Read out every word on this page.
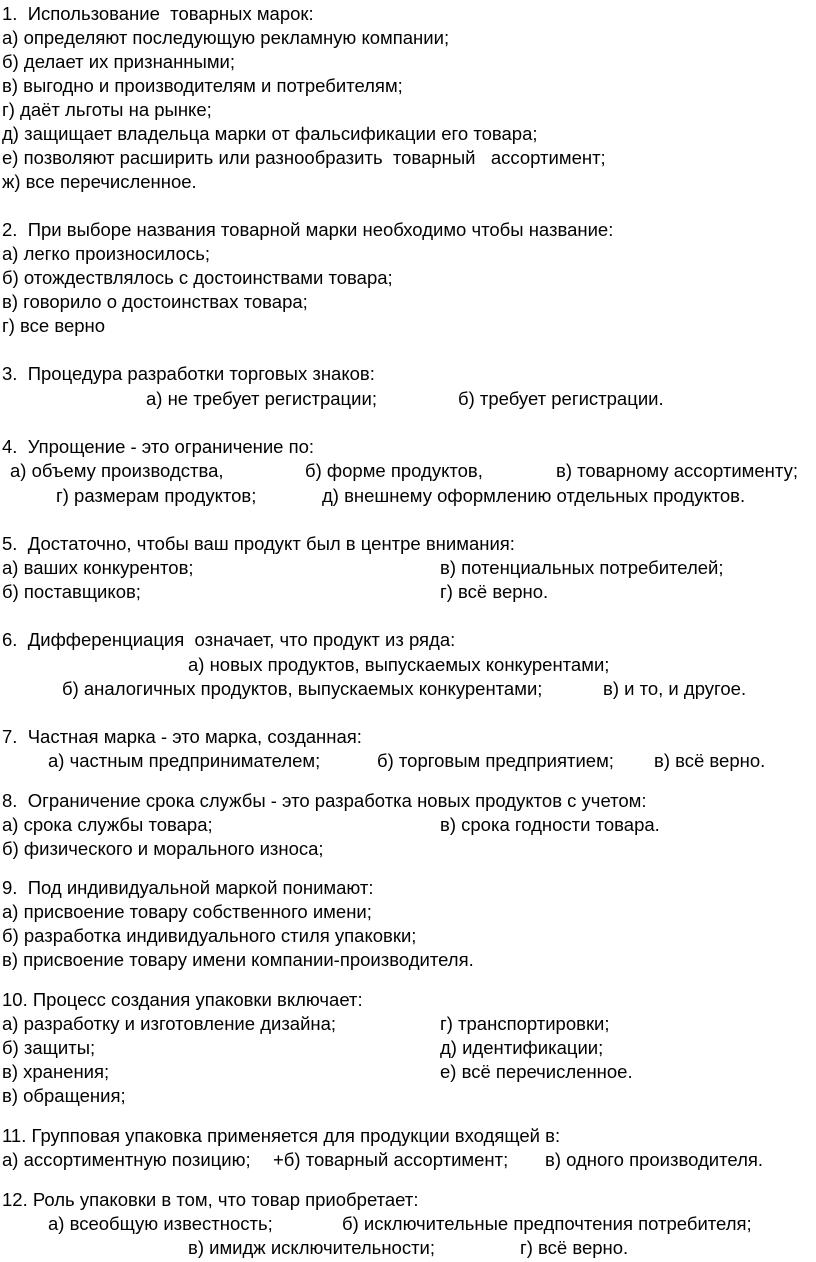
1.  Использование  товарных марок:
а) определяют последующую рекламную компании;
б) делает их признанными;
в) выгодно и производителям и потребителям;
г) даёт льготы на рынке;
д) защищает владельца марки от фальсификации его товара;
е) позволяют расширить или разнообразить  товарный   ассортимент;
ж) все перечисленное.
2.  При выборе названия товарной марки необходимо чтобы название:
а) легко произносилось;
б) отождествлялось с достоинствами товара;
в) говорило о достоинствах товара;
г) все верно
3.  Процедура разработки торговых знаков:
а) не требует регистрации;	б) требует регистрации.
4.  Упрощение - это ограничение по:
а) объему производства,	б) форме продуктов,	в) товарному ассортименту;
г) размерам продуктов;	д) внешнему оформлению отдельных продуктов.
5.  Достаточно, чтобы ваш продукт был в центре внимания:
а) ваших конкурентов;	в) потенциальных потребителей;
б) поставщиков;	г) всё верно.
6.  Дифференциация  означает, что продукт из ряда:
а) новых продуктов, выпускаемых конкурентами;
б) аналогичных продуктов, выпускаемых конкурентами;	в) и то, и другое.
7.  Частная марка - это марка, созданная:
а) частным предпринимателем;	б) торговым предприятием; в) всё верно.
8.  Ограничение срока службы - это разработка новых продуктов с учетом:
а) срока службы товара;	в) срока годности товара.
б) физического и морального износа;
9.  Под индивидуальной маркой понимают:
а) присвоение товару собственного имени;
б) разработка индивидуального стиля упаковки;
в) присвоение товару имени компании-производителя.
10. Процесс создания упаковки включает:
а) разработку и изготовление дизайна;	г) транспортировки;
б) защиты;	д) идентификации;
в) хранения;	е) всё перечисленное.
в) обращения;
11. Групповая упаковка применяется для продукции входящей в:
а) ассортиментную позицию; +б) товарный ассортимент; в) одного производителя.
12. Роль упаковки в том, что товар приобретает:
а) всеобщую известность;	б) исключительные предпочтения потребителя;
в) имидж исключительности;	г) всё верно.
